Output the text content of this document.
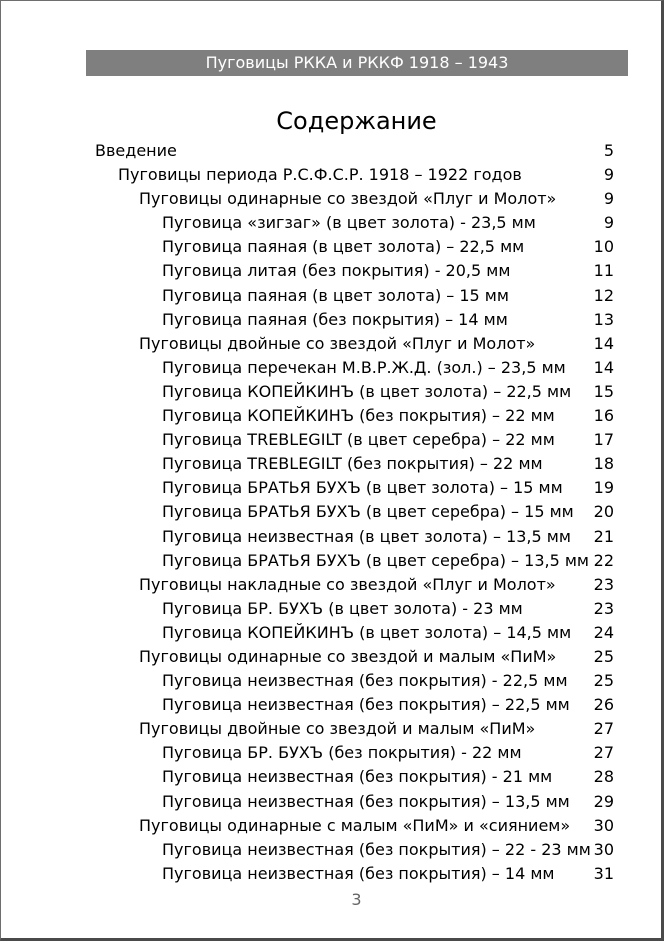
Пуговицы РККА и РККФ 1918 – 1943
Содержание
Введение	5
Пуговицы периода Р.С.Ф.С.Р. 1918 – 1922 годов	9
Пуговицы одинарные со звездой «Плуг и Молот»	9
Пуговица «зигзаг» (в цвет золота) - 23,5 мм	9
Пуговица паяная (в цвет золота) – 22,5 мм	10
Пуговица литая (без покрытия) - 20,5 мм	11
Пуговица паяная (в цвет золота) – 15 мм	12
Пуговица паяная (без покрытия) – 14 мм	13
Пуговицы двойные со звездой «Плуг и Молот»	14
Пуговица перечекан М.В.Р.Ж.Д. (зол.) – 23,5 мм 14
Пуговица КОПЕЙКИНЪ (в цвет золота) – 22,5 мм 15
Пуговица КОПЕЙКИНЪ (без покрытия) – 22 мм 16
Пуговица TREBLEGILT (в цвет серебра) – 22 мм 17
Пуговица TREBLEGILT (без покрытия) – 22 мм	18
Пуговица БРАТЬЯ БУХЪ (в цвет золота) – 15 мм 19
Пуговица БРАТЬЯ БУХЪ (в цвет серебра) – 15 мм 20
Пуговица неизвестная (в цвет золота) – 13,5 мм 21
Пуговица БРАТЬЯ БУХЪ (в цвет серебра) – 13,5 мм 22
Пуговицы накладные со звездой «Плуг и Молот» 23
Пуговица БР. БУХЪ (в цвет золота) - 23 мм	23
Пуговица КОПЕЙКИНЪ (в цвет золота) – 14,5 мм 24
Пуговицы одинарные со звездой и малым «ПиМ» 25
Пуговица неизвестная (без покрытия) - 22,5 мм 25
Пуговица неизвестная (без покрытия) – 22,5 мм 26
Пуговицы двойные со звездой и малым «ПиМ»	27
Пуговица БР. БУХЪ (без покрытия) - 22 мм	27
Пуговица неизвестная (без покрытия) - 21 мм	28
Пуговица неизвестная (без покрытия) – 13,5 мм 29
Пуговицы одинарные с малым «ПиМ» и «сиянием» 30
Пуговица неизвестная (без покрытия) – 22 - 23 мм 30
Пуговица неизвестная (без покрытия) – 14 мм 31
3
